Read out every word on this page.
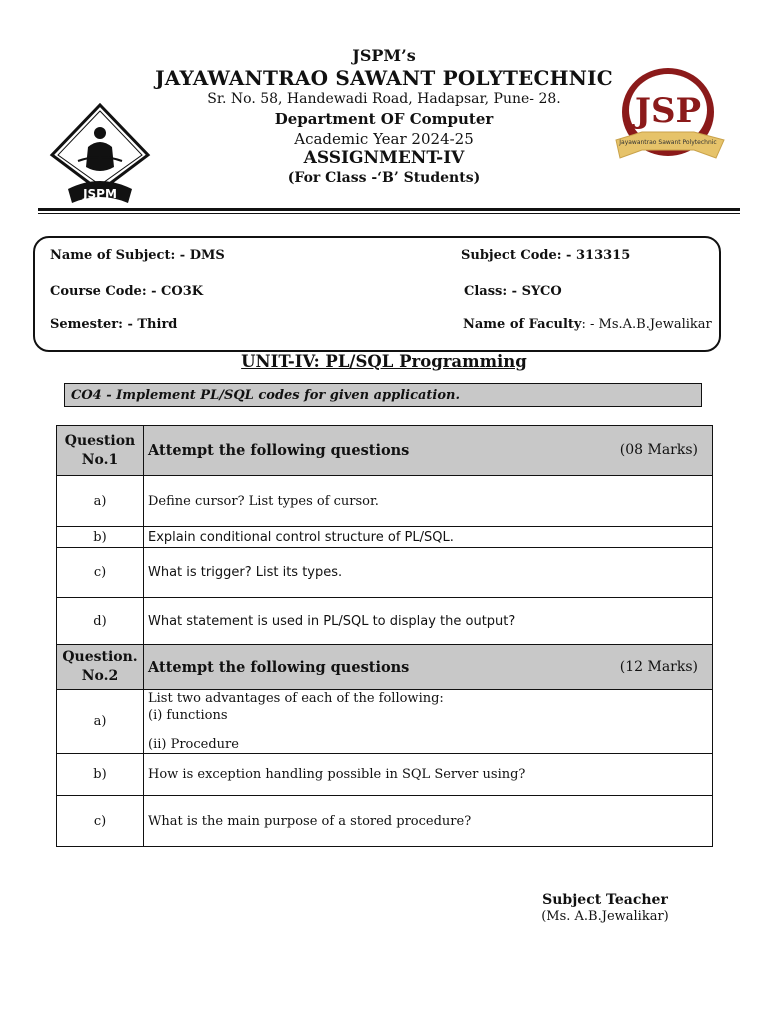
JSPM
JSP
Jayawantrao Sawant Polytechnic
JSPM’s
JAYAWANTRAO SAWANT POLYTECHNIC
Sr. No. 58, Handewadi Road, Hadapsar, Pune- 28.
Department OF Computer
Academic Year 2024-25
ASSIGNMENT-IV
(For Class -‘B’ Students)
Name of Subject: - DMS	Subject Code: - 313315
Course Code: - CO3K	Class: - SYCO
Semester: - Third	Name of Faculty: - Ms.A.B.Jewalikar
UNIT-IV: PL/SQL Programming
CO4 - Implement PL/SQL codes for given application.
Question
No.1	Attempt the following questions (08 Marks)

a)	Define cursor? List types of cursor.
b)	Explain conditional control structure of PL/SQL.
c)	What is trigger? List its types.
d)	What statement is used in PL/SQL to display the output?
Question.
No.2	Attempt the following questions (12 Marks)

a)	List two advantages of each of the following:
(i) functions
(ii) Procedure

b)	How is exception handling possible in SQL Server using?
c)	What is the main purpose of a stored procedure?
Subject Teacher
(Ms. A.B.Jewalikar)
